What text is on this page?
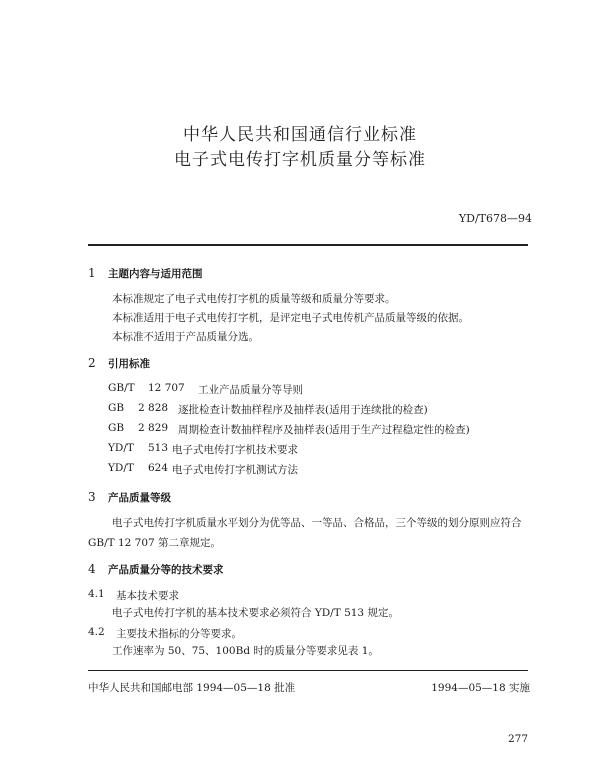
中华人民共和国通信行业标准
电子式电传打字机质量分等标准
YD/T678—94
1 主题内容与适用范围
本标准规定了电子式电传打字机的质量等级和质量分等要求。
本标准适用于电子式电传打字机，是评定电子式电传机产品质量等级的依据。
本标准不适用于产品质量分选。
2 引用标准
GB/T 12 707 工业产品质量分等导则
GB 2 828 逐批检查计数抽样程序及抽样表(适用于连续批的检查)
GB 2 829 周期检查计数抽样程序及抽样表(适用于生产过程稳定性的检查)
YD/T 513 电子式电传打字机技术要求
YD/T 624 电子式电传打字机测试方法
3 产品质量等级
电子式电传打字机质量水平划分为优等品、一等品、合格品，三个等级的划分原则应符合
GB/T 12 707 第二章规定。
4 产品质量分等的技术要求
4.1 基本技术要求
电子式电传打字机的基本技术要求必须符合 YD/T 513 规定。
4.2 主要技术指标的分等要求。
工作速率为 50、75、100Bd 时的质量分等要求见表 1。
中华人民共和国邮电部 1994—05—18 批准	1994—05—18 实施
277
